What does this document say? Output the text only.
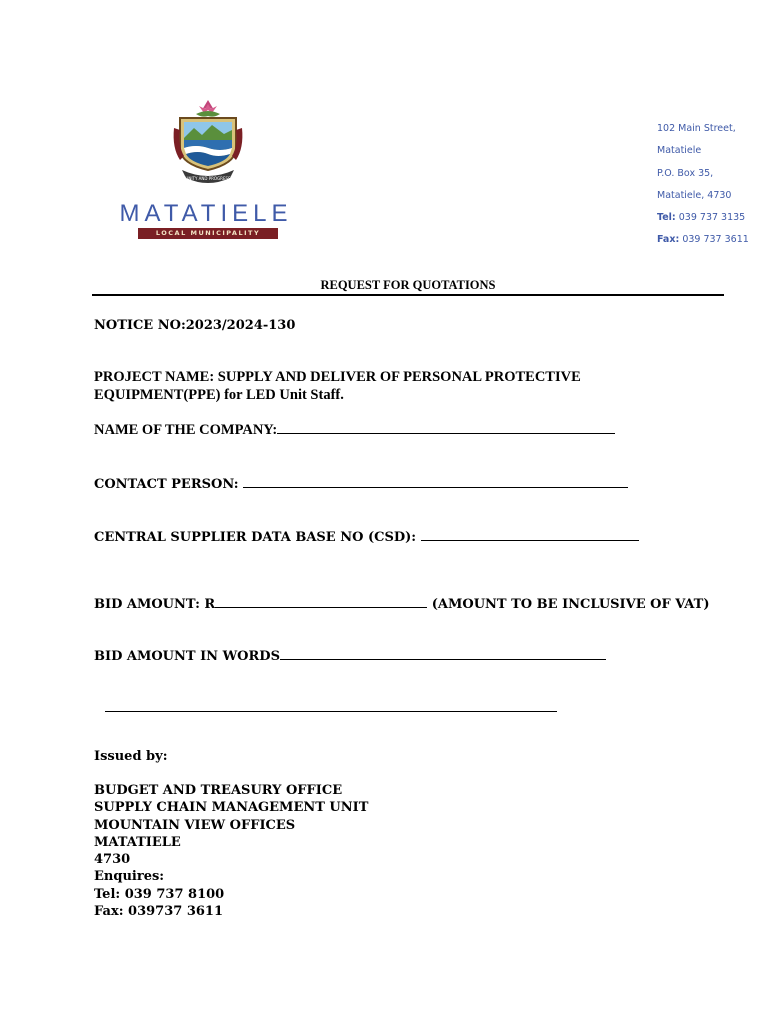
UNITY AND PROGRESS
MATATIELE
LOCAL MUNICIPALITY
102 Main Street,
Matatiele
P.O. Box 35,
Matatiele, 4730
Tel: 039 737 3135
Fax: 039 737 3611
REQUEST FOR QUOTATIONS
NOTICE NO:2023/2024-130
PROJECT NAME: SUPPLY AND DELIVER OF PERSONAL PROTECTIVE
EQUIPMENT(PPE) for LED Unit Staff.
NAME OF THE COMPANY:
CONTACT PERSON:
CENTRAL SUPPLIER DATA BASE NO (CSD):
BID AMOUNT: R	(AMOUNT TO BE INCLUSIVE OF VAT)
BID AMOUNT IN WORDS
Issued by:
BUDGET AND TREASURY OFFICE
SUPPLY CHAIN MANAGEMENT UNIT
MOUNTAIN VIEW OFFICES
MATATIELE
4730
Enquires:
Tel: 039 737 8100
Fax: 039737 3611
